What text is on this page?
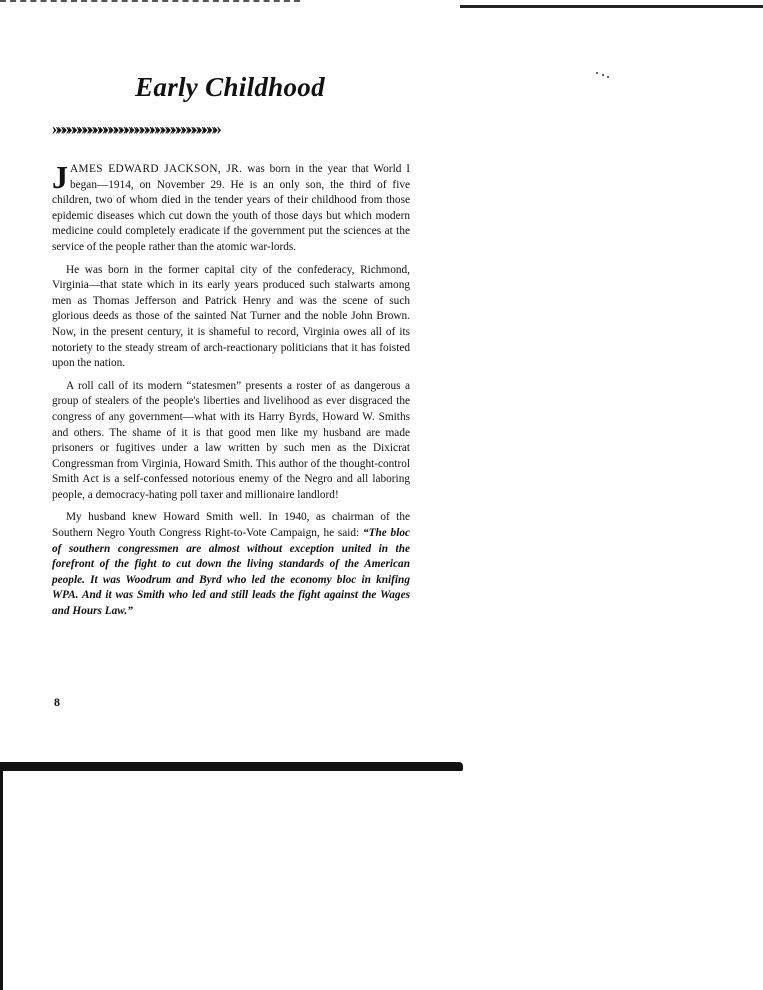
Early Childhood
»»»»»»»»»»»»»»»»»»»»»»»»»»»»»»»»

JAMES EDWARD JACKSON, JR. was born in the year that World I began—1914, on November 29. He is an only son, the third of five children, two of whom died in the tender years of their childhood from those epidemic diseases which cut down the youth of those days but which modern medicine could completely eradicate if the government put the sciences at the service of the people rather than the atomic war-lords.

He was born in the former capital city of the confederacy, Richmond, Virginia—that state which in its early years produced such stalwarts among men as Thomas Jefferson and Patrick Henry and was the scene of such glorious deeds as those of the sainted Nat Turner and the noble John Brown. Now, in the present century, it is shameful to record, Virginia owes all of its notoriety to the steady stream of arch-reactionary politicians that it has foisted upon the nation.

A roll call of its modern “statesmen” presents a roster of as dangerous a group of stealers of the people's liberties and livelihood as ever disgraced the congress of any government—what with its Harry Byrds, Howard W. Smiths and others. The shame of it is that good men like my husband are made prisoners or fugitives under a law written by such men as the Dixicrat Congressman from Virginia, Howard Smith. This author of the thought-control Smith Act is a self-confessed notorious enemy of the Negro and all laboring people, a democracy-hating poll taxer and millionaire landlord!

My husband knew Howard Smith well. In 1940, as chairman of the Southern Negro Youth Congress Right-to-Vote Campaign, he said: “The bloc of southern congressmen are almost without exception united in the forefront of the fight to cut down the living standards of the American people. It was Woodrum and Byrd who led the economy bloc in knifing WPA. And it was Smith who led and still leads the fight against the Wages and Hours Law.”

8
